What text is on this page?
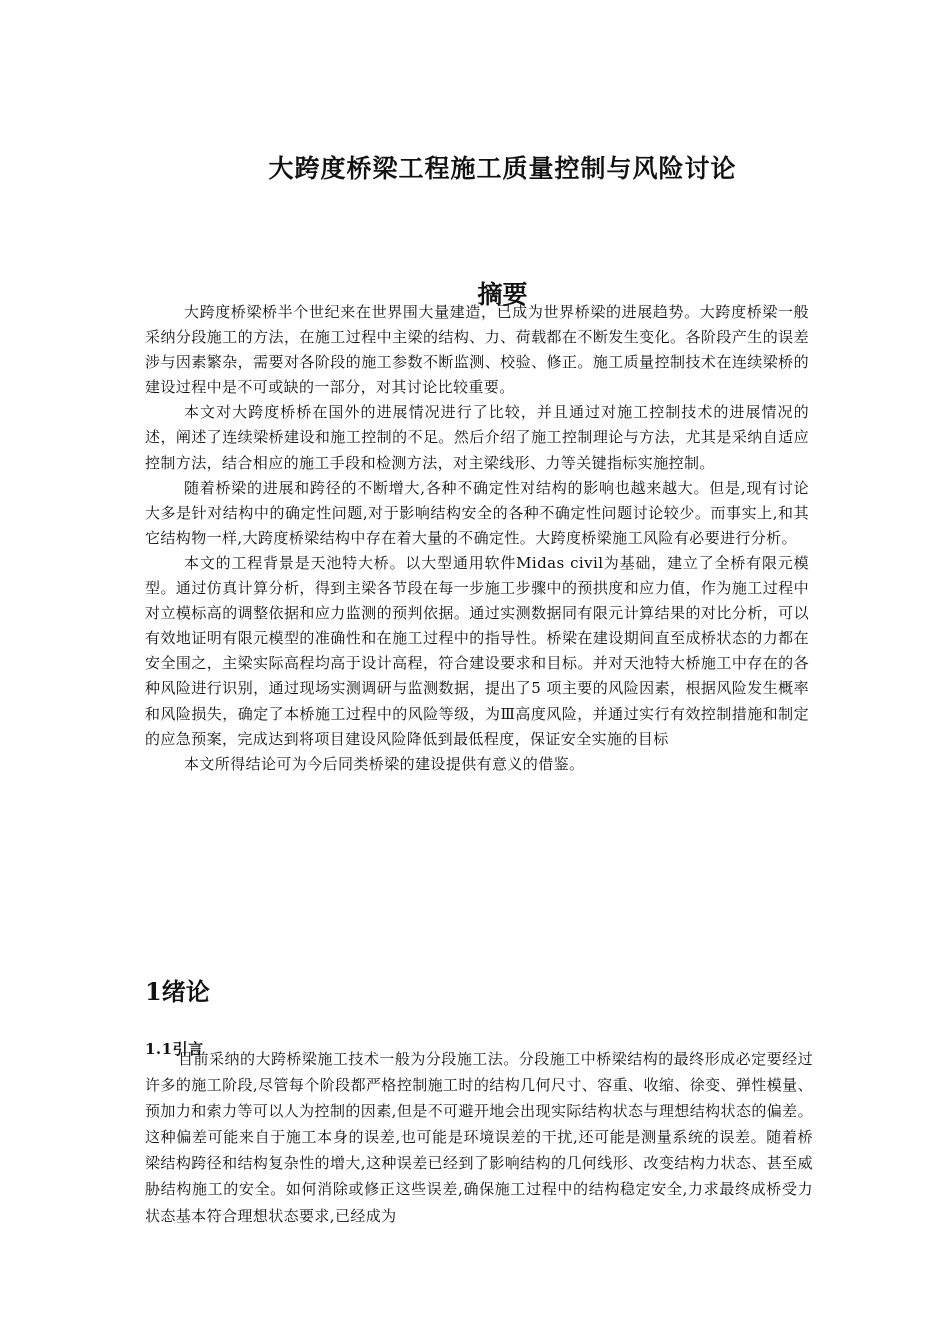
大跨度桥梁工程施工质量控制与风险讨论
摘要

大跨度桥梁桥半个世纪来在世界围大量建造，已成为世界桥梁的进展趋势。大跨度桥梁一般采纳分段施工的方法，在施工过程中主梁的结构、力、荷载都在不断发生变化。各阶段产生的误差涉与因素繁杂，需要对各阶段的施工参数不断监测、校验、修正。施工质量控制技术在连续梁桥的建设过程中是不可或缺的一部分，对其讨论比较重要。

本文对大跨度桥桥在国外的进展情况进行了比较，并且通过对施工控制技术的进展情况的述，阐述了连续梁桥建设和施工控制的不足。然后介绍了施工控制理论与方法，尤其是采纳自适应控制方法，结合相应的施工手段和检测方法，对主梁线形、力等关键指标实施控制。

随着桥梁的进展和跨径的不断增大,各种不确定性对结构的影响也越来越大。但是,现有讨论大多是针对结构中的确定性问题,对于影响结构安全的各种不确定性问题讨论较少。而事实上,和其它结构物一样,大跨度桥梁结构中存在着大量的不确定性。大跨度桥梁施工风险有必要进行分析。

本文的工程背景是天池特大桥。以大型通用软件Midas civil为基础，建立了全桥有限元模型。通过仿真计算分析，得到主梁各节段在每一步施工步骤中的预拱度和应力值，作为施工过程中对立模标高的调整依据和应力监测的预判依据。通过实测数据同有限元计算结果的对比分析，可以有效地证明有限元模型的准确性和在施工过程中的指导性。桥梁在建设期间直至成桥状态的力都在安全围之，主梁实际高程均高于设计高程，符合建设要求和目标。并对天池特大桥施工中存在的各种风险进行识别，通过现场实测调研与监测数据，提出了5 项主要的风险因素，根据风险发生概率和风险损失，确定了本桥施工过程中的风险等级，为Ⅲ高度风险，并通过实行有效控制措施和制定的应急预案，完成达到将项目建设风险降低到最低程度，保证安全实施的目标

本文所得结论可为今后同类桥梁的建设提供有意义的借鉴。

1绪论
1.1引言

目前采纳的大跨桥梁施工技术一般为分段施工法。分段施工中桥梁结构的最终形成必定要经过许多的施工阶段,尽管每个阶段都严格控制施工时的结构几何尺寸、容重、收缩、徐变、弹性模量、预加力和索力等可以人为控制的因素,但是不可避开地会出现实际结构状态与理想结构状态的偏差。这种偏差可能来自于施工本身的误差,也可能是环境误差的干扰,还可能是测量系统的误差。随着桥梁结构跨径和结构复杂性的增大,这种误差已经到了影响结构的几何线形、改变结构力状态、甚至威胁结构施工的安全。如何消除或修正这些误差,确保施工过程中的结构稳定安全,力求最终成桥受力状态基本符合理想状态要求,已经成为
